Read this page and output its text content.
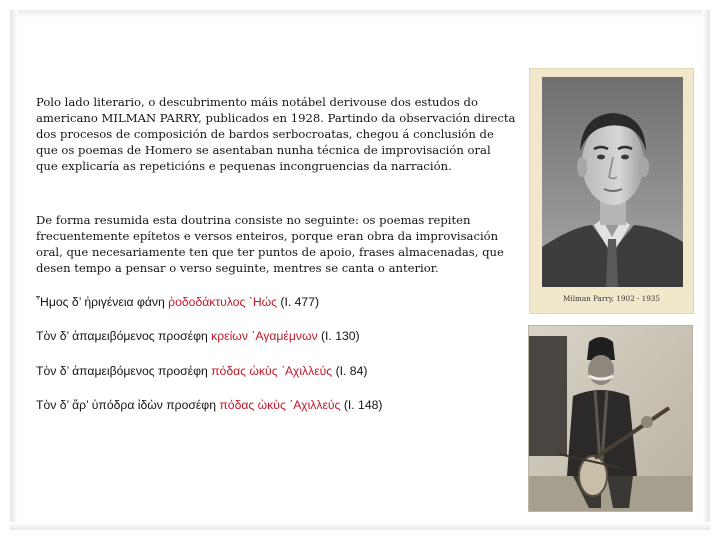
Polo lado literario, o descubrimento máis notábel derivouse dos estudos do americano MILMAN PARRY, publicados en 1928. Partindo da observación directa dos procesos de composición de bardos serbocroatas, chegou á conclusión de que os poemas de Homero se asentaban nunha técnica de improvisación oral que explicaría as repeticións e pequenas incongruencias da narración.
De forma resumida esta doutrina consiste no seguinte: os poemas repiten frecuentemente epítetos e versos enteiros, porque eran obra da improvisación oral, que necesariamente ten que ter puntos de apoio, frases almacenadas, que desen tempo a pensar o verso seguinte, mentres se canta o anterior.
῏Ημος δ’ ἠριγένεια φάνη ῥοδοδάκτυλος ᾿Ηώς (I. 477)
Τὸν δ’ ἀπαμειβόμενος προσέφη κρείων ᾿Αγαμέμνων (I. 130)
Τὸν δ’ ἀπαμειβόμενος προσέφη πόδας ὠκὺς ᾿Αχιλλεύς (I. 84)
Τὸν δ’ ἄρ’ ὑπόδρα ἰδὼν προσέφη πόδας ὠκὺς ᾿Αχιλλεύς (I. 148)
Milman Parry, 1902 - 1935
